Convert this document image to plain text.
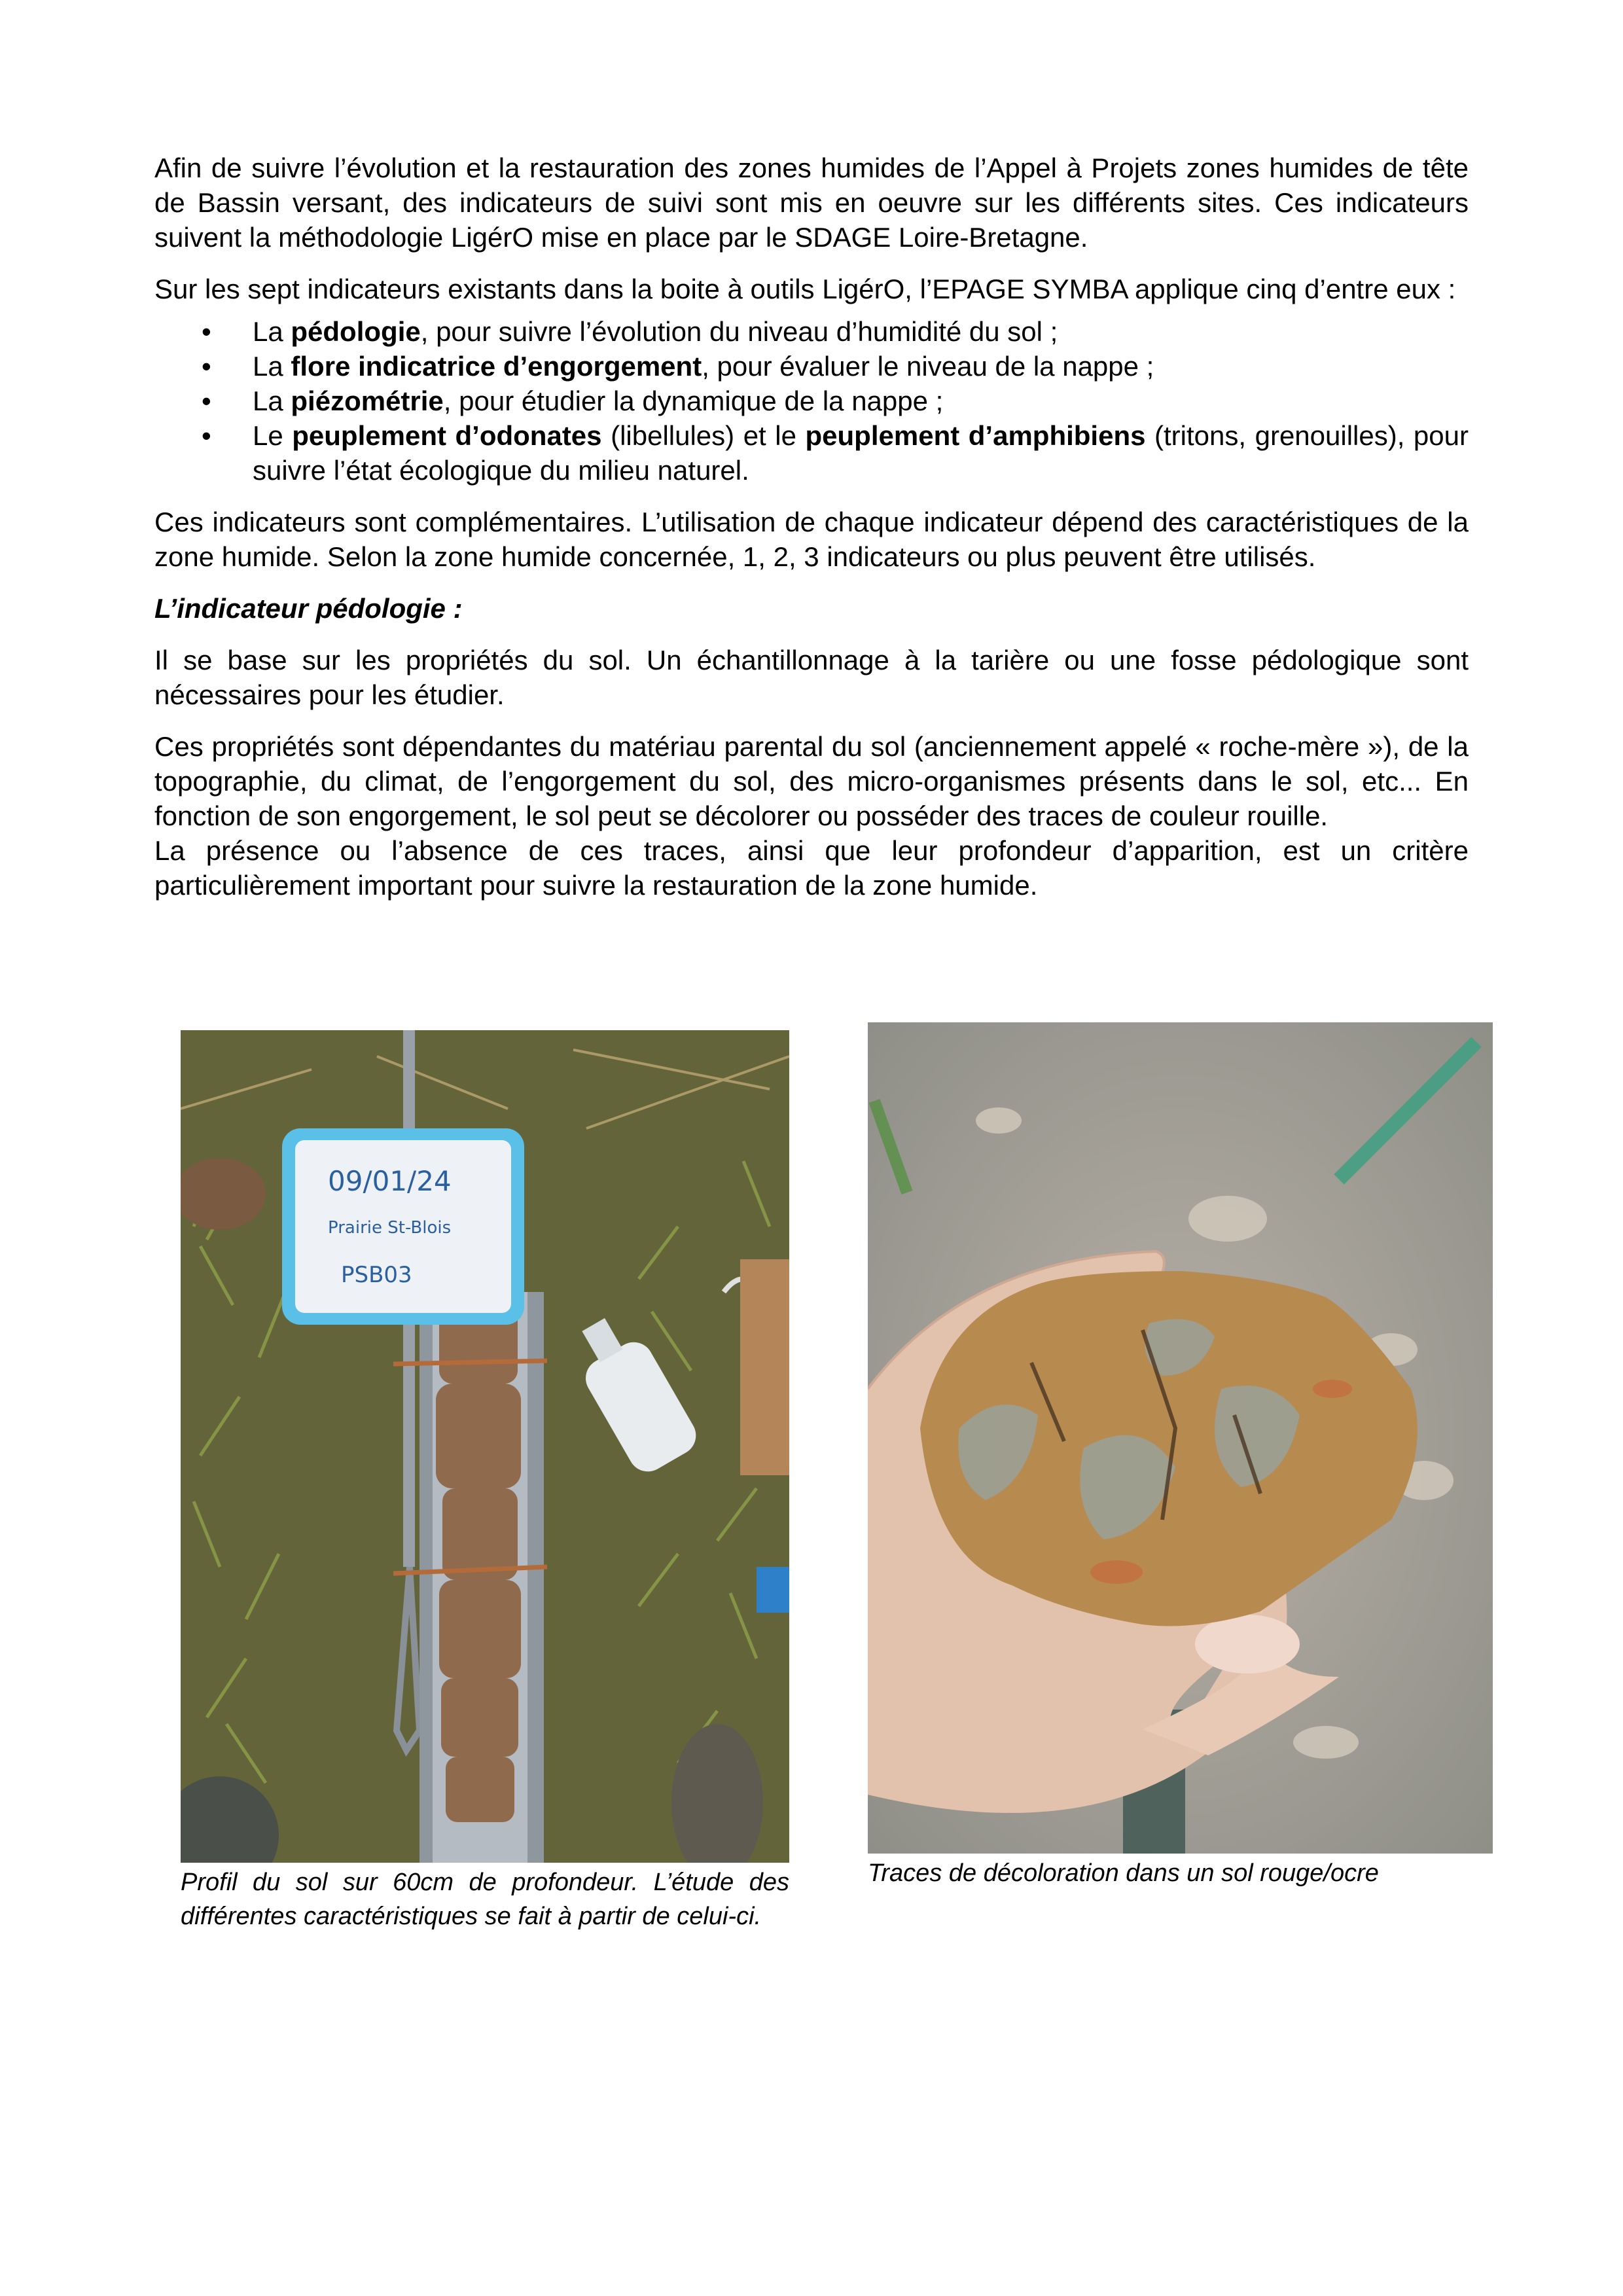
Afin de suivre l’évolution et la restauration des zones humides de l’Appel à Projets zones humides de tête de Bassin versant, des indicateurs de suivi sont mis en oeuvre sur les différents sites. Ces indicateurs suivent la méthodologie LigérO mise en place par le SDAGE Loire-Bretagne.

Sur les sept indicateurs existants dans la boite à outils LigérO, l’EPAGE SYMBA applique cinq d’entre eux :

• La pédologie, pour suivre l’évolution du niveau d’humidité du sol ;
• La flore indicatrice d’engorgement, pour évaluer le niveau de la nappe ;
• La piézométrie, pour étudier la dynamique de la nappe ;
• Le peuplement d’odonates (libellules) et le peuplement d’amphibiens (tritons, grenouilles), pour suivre l’état écologique du milieu naturel.

Ces indicateurs sont complémentaires. L’utilisation de chaque indicateur dépend des caractéristiques de la zone humide. Selon la zone humide concernée, 1, 2, 3 indicateurs ou plus peuvent être utilisés.

L’indicateur pédologie :

Il se base sur les propriétés du sol. Un échantillonnage à la tarière ou une fosse pédologique sont nécessaires pour les étudier.

Ces propriétés sont dépendantes du matériau parental du sol (anciennement appelé « roche-mère »), de la topographie, du climat, de l’engorgement du sol, des micro-organismes présents dans le sol, etc... En fonction de son engorgement, le sol peut se décolorer ou posséder des traces de couleur rouille.

La présence ou l’absence de ces traces, ainsi que leur profondeur d’apparition, est un critère particulièrement important pour suivre la restauration de la zone humide.

09/01/24
Prairie St-Blois
PSB03

Profil du sol sur 60cm de profondeur. L’étude des différentes caractéristiques se fait à partir de celui-ci.

Traces de décoloration dans un sol rouge/ocre
